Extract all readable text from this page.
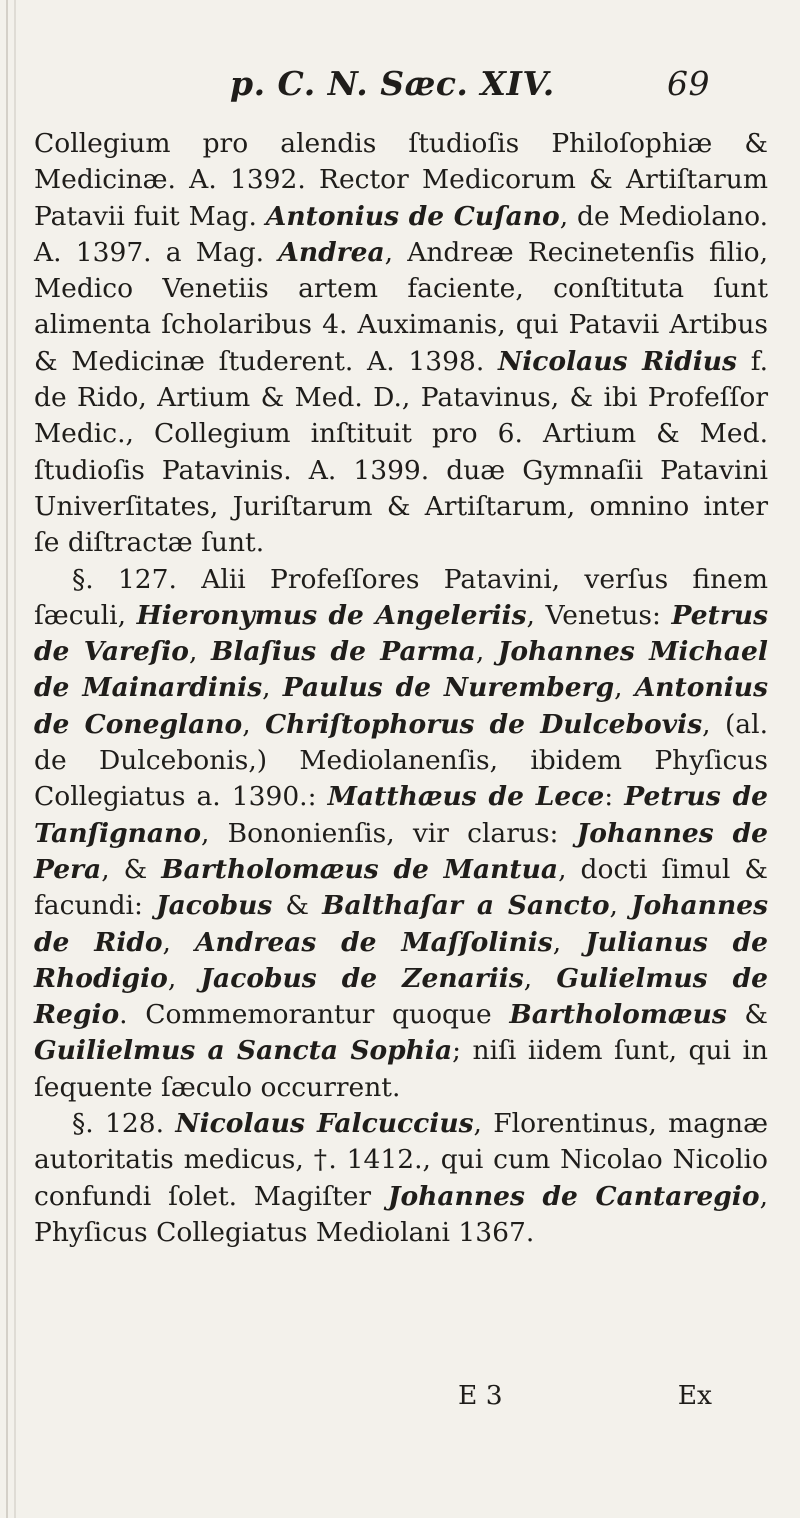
p. C. N. Sæc. XIV.	69

Collegium pro alendis ſtudioſis Philoſophiæ & Medicinæ. A. 1392. Rector Medicorum & Artiſtarum Patavii fuit Mag. Antonius de Cuſano, de Mediolano. A. 1397. a Mag. Andrea, Andreæ Recinetenſis filio, Medico Venetiis artem faciente, conſtituta ſunt alimenta ſcholaribus 4. Auximanis, qui Patavii Artibus & Medicinæ ſtuderent. A. 1398. Nicolaus Ridius f. de Rido, Artium & Med. D., Patavinus, & ibi Profeſſor Medic., Collegium inſtituit pro 6. Artium & Med. ſtudioſis Patavinis. A. 1399. duæ Gymnaſii Patavini Univerſitates, Juriſtarum & Artiſtarum, omnino inter ſe diſtractæ ſunt.

§. 127. Alii Profeſſores Patavini, verſus finem ſæculi, Hieronymus de Angeleriis, Venetus: Petrus de Vareſio, Blaſius de Parma, Johannes Michael de Mainardinis, Paulus de Nuremberg, Antonius de Coneglano, Chriſtophorus de Dulcebovis, (al. de Dulcebonis,) Mediolanenſis, ibidem Phyſicus Collegiatus a. 1390.: Matthæus de Lece: Petrus de Tanſignano, Bononienſis, vir clarus: Johannes de Pera, & Bartholomæus de Mantua, docti ſimul & facundi: Jacobus & Balthaſar a Sancto, Johannes de Rido, Andreas de Maſſolinis, Julianus de Rhodigio, Jacobus de Zenariis, Gulielmus de Regio. Commemorantur quoque Bartholomæus & Guilielmus a Sancta Sophia; niſi iidem ſunt, qui in ſequente ſæculo occurrent.

§. 128. Nicolaus Falcuccius, Florentinus, magnæ autoritatis medicus, †. 1412., qui cum Nicolao Nicolio confundi ſolet. Magiſter Johannes de Cantaregio, Phyſicus Collegiatus Mediolani 1367.

E 3	Ex
